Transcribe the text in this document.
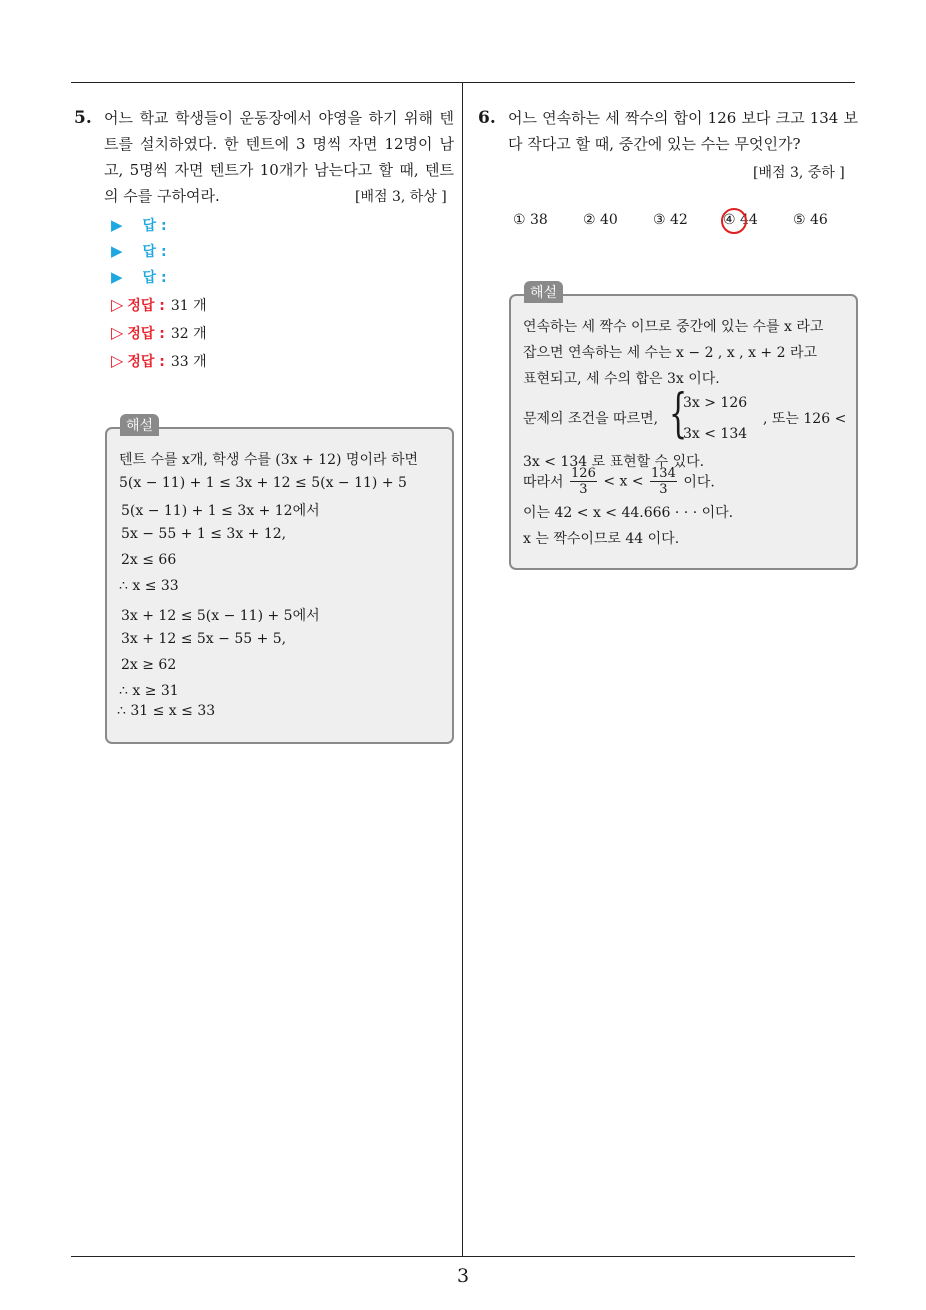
3
5. 어느 학교 학생들이 운동장에서 야영을 하기 위해 텐트를 설치하였다. 한 텐트에 3 명씩 자면 12명이 남고, 5명씩 자면 텐트가 10개가 남는다고 할 때, 텐트의 수를 구하여라.	[배점 3, 하상 ]
▶ 답 :
▶ 답 :
▶ 답 :
▷ 정답 : 31 개
▷ 정답 : 32 개
▷ 정답 : 33 개
해설
텐트 수를 x개, 학생 수를 (3x + 12) 명이라 하면
5(x − 11) + 1 ≤ 3x + 12 ≤ 5(x − 11) + 5
5(x − 11) + 1 ≤ 3x + 12에서
5x − 55 + 1 ≤ 3x + 12,
2x ≤ 66
∴ x ≤ 33
3x + 12 ≤ 5(x − 11) + 5에서
3x + 12 ≤ 5x − 55 + 5,
2x ≥ 62
∴ x ≥ 31
∴ 31 ≤ x ≤ 33
6. 어느 연속하는 세 짝수의 합이 126 보다 크고 134 보다 작다고 할 때, 중간에 있는 수는 무엇인가?
[배점 3, 중하 ]
① 38	② 40	③ 42	④ 44	⑤ 46
해설
연속하는 세 짝수 이므로 중간에 있는 수를 x 라고
잡으면 연속하는 세 수는 x − 2 , x , x + 2 라고
표현되고, 세 수의 합은 3x 이다.
문제의 조건을 따르면, {
3x > 126
3x < 134
, 또는 126 <
3x < 134 로 표현할 수 있다.
따라서 $\frac{126}{3} < x < \frac{134}{3}$ 이다.
이는 42 < x < 44.666 · · · 이다.
x 는 짝수이므로 44 이다.
